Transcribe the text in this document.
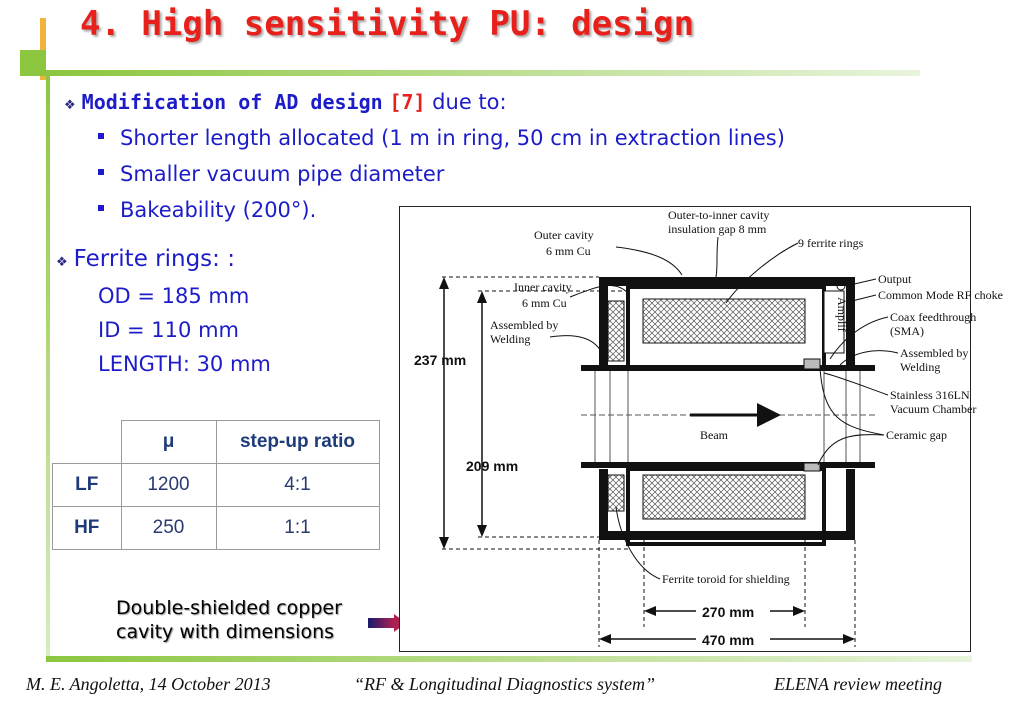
4. High sensitivity PU: design
❖ Modification of AD design [7] due to:
Shorter length allocated (1 m in ring, 50 cm in extraction lines)
Smaller vacuum pipe diameter
Bakeability (200°).
❖ Ferrite rings: :
OD = 185 mm
ID = 110 mm
LENGTH: 30 mm
	μ	step-up ratio
LF	1200	4:1
HF	250	1:1
Double-shielded copper
cavity with dimensions
Amplif
237 mm
209 mm
270 mm
470 mm
Outer-to-inner cavity
insulation gap 8 mm
Outer cavity
6 mm Cu
9 ferrite rings
Inner cavity
6 mm Cu
Assembled by
Welding
Output
Common Mode RF choke
Coax feedthrough
(SMA)
Assembled by
Welding
Stainless 316LN
Vacuum Chamber
Ceramic gap
Beam
Ferrite toroid for shielding
M. E. Angoletta, 14 October 2013	“RF & Longitudinal Diagnostics system”	ELENA review meeting
